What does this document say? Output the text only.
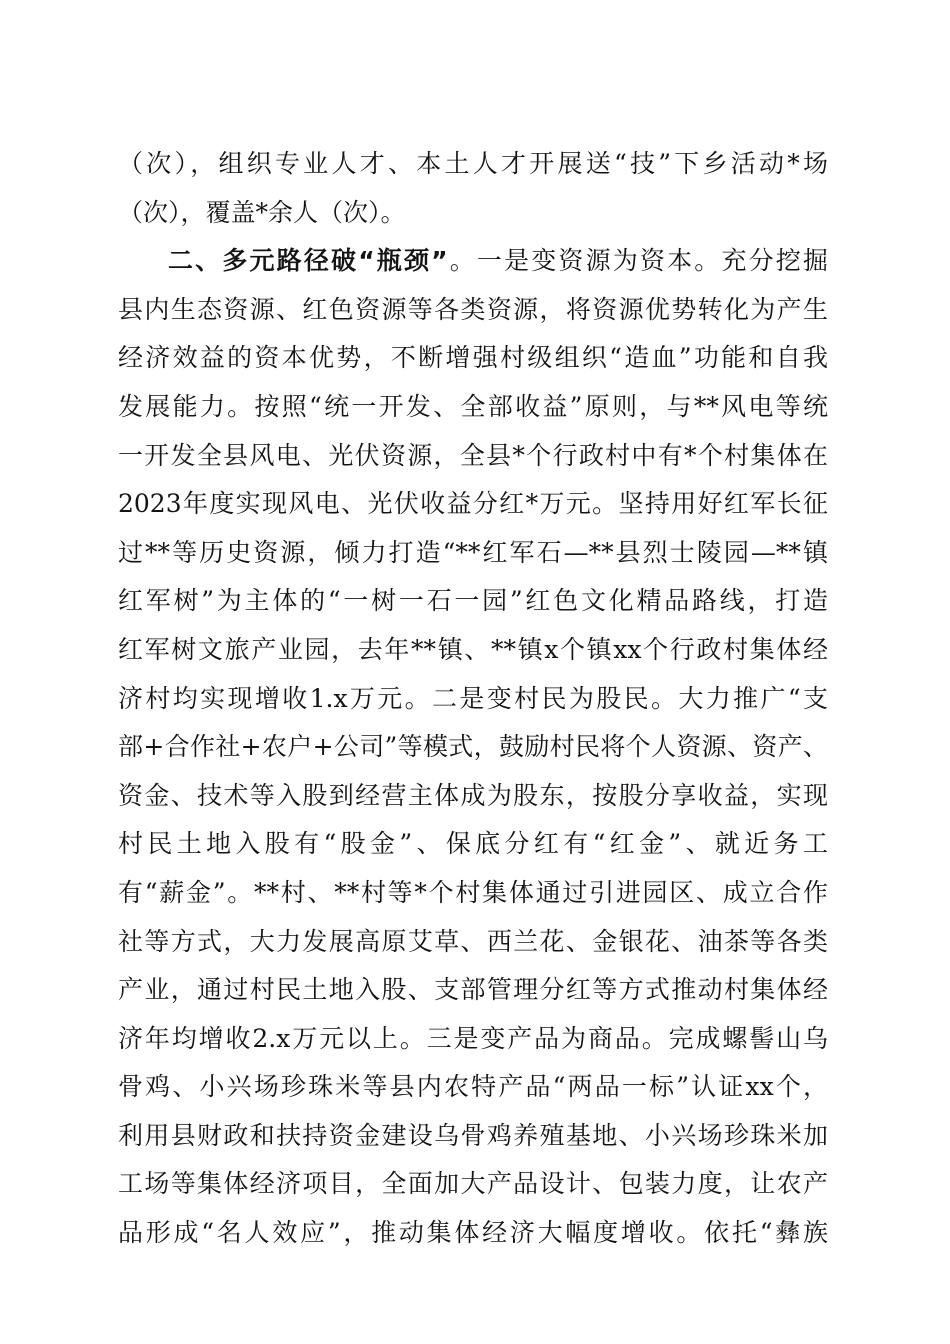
（次），组织专业人才、本土人才开展送“技”下乡活动*场
（次），覆盖*余人（次）。
二、多元路径破“瓶颈”。一是变资源为资本。充分挖掘
县内生态资源、红色资源等各类资源，将资源优势转化为产生
经济效益的资本优势，不断增强村级组织“造血”功能和自我
发展能力。按照“统一开发、全部收益”原则，与**风电等统
一开发全县风电、光伏资源，全县*个行政村中有*个村集体在
2023年度实现风电、光伏收益分红*万元。坚持用好红军长征
过**等历史资源，倾力打造“**红军石—**县烈士陵园—**镇
红军树”为主体的“一树一石一园”红色文化精品路线，打造
红军树文旅产业园，去年**镇、**镇x个镇xx个行政村集体经
济村均实现增收1.x万元。二是变村民为股民。大力推广“支
部+合作社+农户+公司”等模式，鼓励村民将个人资源、资产、
资金、技术等入股到经营主体成为股东，按股分享收益，实现
村民土地入股有“股金”、保底分红有“红金”、就近务工
有“薪金”。**村、**村等*个村集体通过引进园区、成立合作
社等方式，大力发展高原艾草、西兰花、金银花、油茶等各类
产业，通过村民土地入股、支部管理分红等方式推动村集体经
济年均增收2.x万元以上。三是变产品为商品。完成螺髻山乌
骨鸡、小兴场珍珠米等县内农特产品“两品一标”认证xx个，
利用县财政和扶持资金建设乌骨鸡养殖基地、小兴场珍珠米加
工场等集体经济项目，全面加大产品设计、包装力度，让农产
品形成“名人效应”，推动集体经济大幅度增收。依托“彝族
